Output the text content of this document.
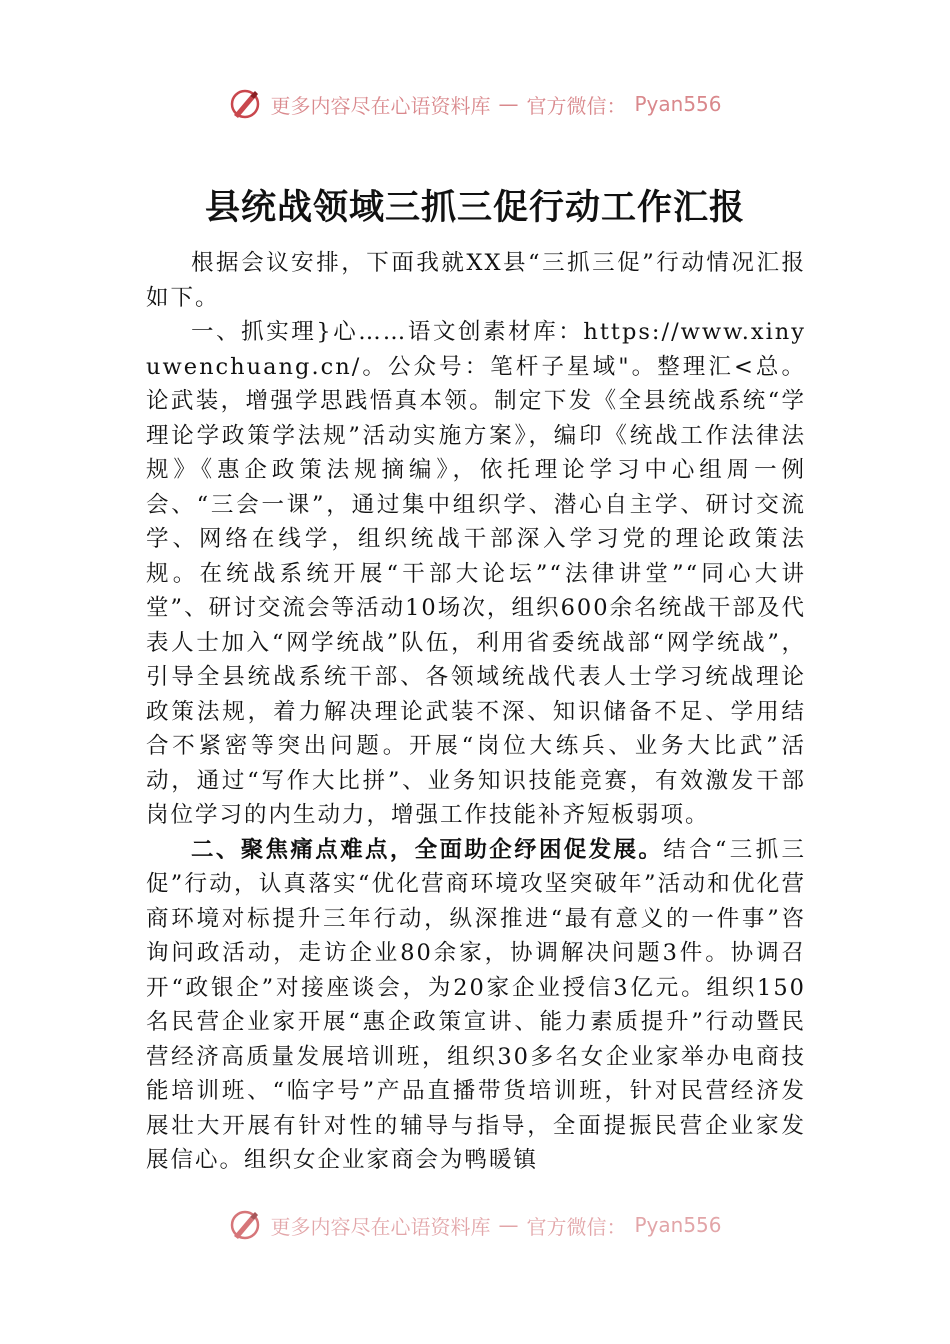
更多内容尽在心语资料库 — 官方微信： Pyan556
县统战领域三抓三促行动工作汇报

根据会议安排，下面我就XX县“三抓三促”行动情况汇报如下。

一、抓实理}心……语文创素材库：https://www.xinyuwenchuang.cn/。公众号：笔杆子星域"。整理汇<总。论武装，增强学思践悟真本领。制定下发《全县统战系统“学理论学政策学法规”活动实施方案》，编印《统战工作法律法规》《惠企政策法规摘编》，依托理论学习中心组周一例会、“三会一课”，通过集中组织学、潜心自主学、研讨交流学、网络在线学，组织统战干部深入学习党的理论政策法规。在统战系统开展“干部大论坛”“法律讲堂”“同心大讲堂”、研讨交流会等活动10场次，组织600余名统战干部及代表人士加入“网学统战”队伍，利用省委统战部“网学统战”，引导全县统战系统干部、各领域统战代表人士学习统战理论政策法规，着力解决理论武装不深、知识储备不足、学用结合不紧密等突出问题。开展“岗位大练兵、业务大比武”活动，通过“写作大比拼”、业务知识技能竞赛，有效激发干部岗位学习的内生动力，增强工作技能补齐短板弱项。

二、聚焦痛点难点，全面助企纾困促发展。结合“三抓三促”行动，认真落实“优化营商环境攻坚突破年”活动和优化营商环境对标提升三年行动，纵深推进“最有意义的一件事”咨询问政活动，走访企业80余家，协调解决问题3件。协调召开“政银企”对接座谈会，为20家企业授信3亿元。组织150名民营企业家开展“惠企政策宣讲、能力素质提升”行动暨民营经济高质量发展培训班，组织30多名女企业家举办电商技能培训班、“临字号”产品直播带货培训班，针对民营经济发展壮大开展有针对性的辅导与指导，全面提振民营企业家发展信心。组织女企业家商会为鸭暖镇

更多内容尽在心语资料库 — 官方微信： Pyan556
